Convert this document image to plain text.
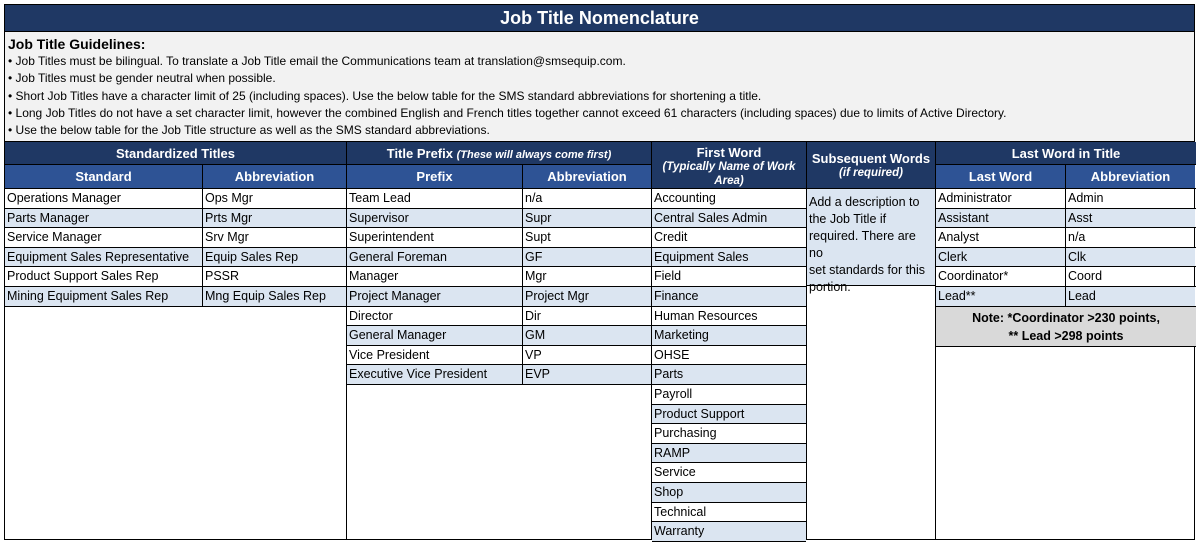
Job Title Nomenclature
Job Title Guidelines:
• Job Titles must be bilingual. To translate a Job Title email the Communications team at translation@smsequip.com.
• Job Titles must be gender neutral when possible.
• Short Job Titles have a character limit of 25 (including spaces). Use the below table for the SMS standard abbreviations for shortening a title.
• Long Job Titles do not have a set character limit, however the combined English and French titles together cannot exceed 61 characters (including spaces) due to limits of Active Directory.
• Use the below table for the Job Title structure as well as the SMS standard abbreviations.
Standardized Titles
Standard	Abbreviation
Operations Manager	Ops Mgr
Parts Manager	Prts Mgr
Service Manager	Srv Mgr
Equipment Sales Representative	Equip Sales Rep
Product Support Sales Rep	PSSR
Mining Equipment Sales Rep	Mng Equip Sales Rep
Title Prefix (These will always come first)
Prefix	Abbreviation
Team Lead	n/a
Supervisor	Supr
Superintendent	Supt
General Foreman	GF
Manager	Mgr
Project Manager	Project Mgr
Director	Dir
General Manager	GM
Vice President	VP
Executive Vice President	EVP
First Word
(Typically Name of Work Area)
Accounting
Central Sales Admin
Credit
Equipment Sales
Field
Finance
Human Resources
Marketing
OHSE
Parts
Payroll
Product Support
Purchasing
RAMP
Service
Shop
Technical
Warranty
Subsequent Words
(if required)
Add a description to
the Job Title if
required. There are no
set standards for this
portion.
Last Word in Title
Last Word	Abbreviation
Administrator	Admin
Assistant	Asst
Analyst	n/a
Clerk	Clk
Coordinator*	Coord
Lead**	Lead
Note: *Coordinator >230 points,
** Lead >298 points
